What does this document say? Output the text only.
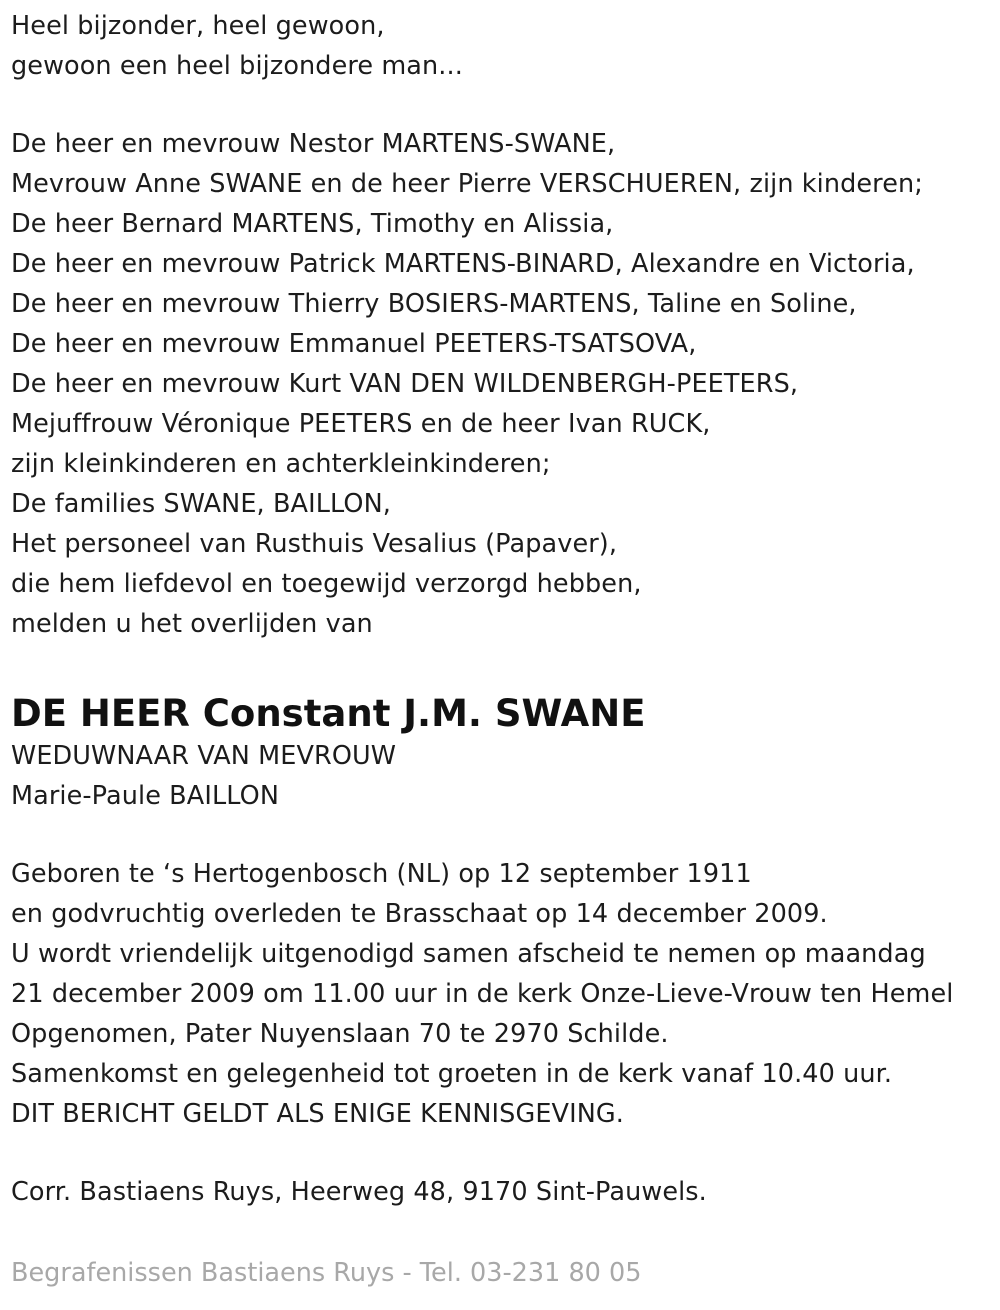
Heel bijzonder, heel gewoon,
gewoon een heel bijzondere man...
De heer en mevrouw Nestor MARTENS-SWANE,
Mevrouw Anne SWANE en de heer Pierre VERSCHUEREN, zijn kinderen;
De heer Bernard MARTENS, Timothy en Alissia,
De heer en mevrouw Patrick MARTENS-BINARD, Alexandre en Victoria,
De heer en mevrouw Thierry BOSIERS-MARTENS, Taline en Soline,
De heer en mevrouw Emmanuel PEETERS-TSATSOVA,
De heer en mevrouw Kurt VAN DEN WILDENBERGH-PEETERS,
Mejuffrouw Véronique PEETERS en de heer Ivan RUCK,
zijn kleinkinderen en achterkleinkinderen;
De families SWANE, BAILLON,
Het personeel van Rusthuis Vesalius (Papaver),
die hem liefdevol en toegewijd verzorgd hebben,
melden u het overlijden van
DE HEER Constant J.M. SWANE
WEDUWNAAR VAN MEVROUW
Marie-Paule BAILLON
Geboren te ‘s Hertogenbosch (NL) op 12 september 1911
en godvruchtig overleden te Brasschaat op 14 december 2009.
U wordt vriendelijk uitgenodigd samen afscheid te nemen op maandag
21 december 2009 om 11.00 uur in de kerk Onze-Lieve-Vrouw ten Hemel
Opgenomen, Pater Nuyenslaan 70 te 2970 Schilde.
Samenkomst en gelegenheid tot groeten in de kerk vanaf 10.40 uur.
DIT BERICHT GELDT ALS ENIGE KENNISGEVING.
Corr. Bastiaens Ruys, Heerweg 48, 9170 Sint-Pauwels.
Begrafenissen Bastiaens Ruys - Tel. 03-231 80 05
